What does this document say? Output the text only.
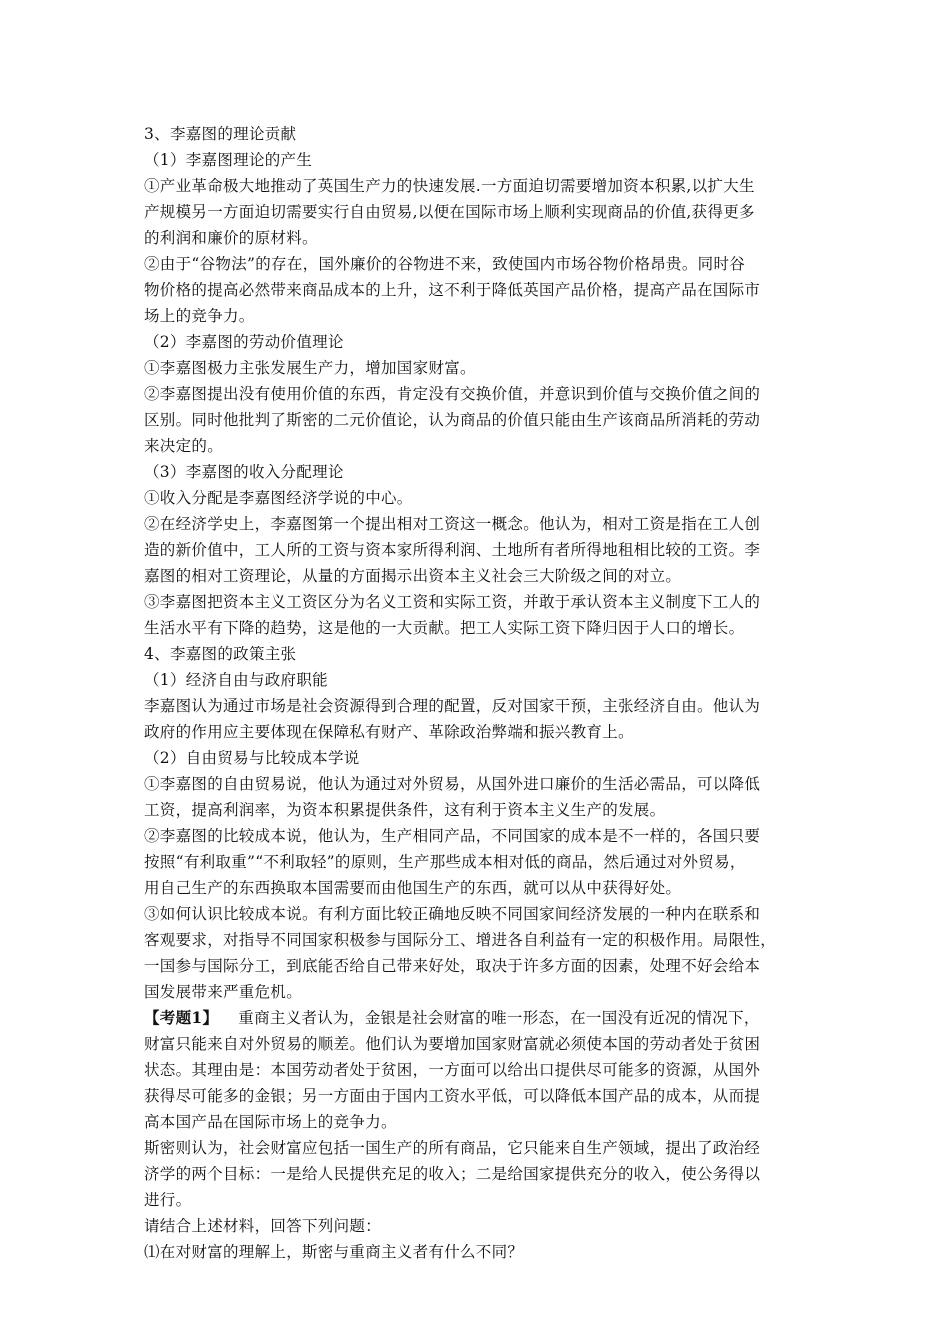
3、李嘉图的理论贡献
（1）李嘉图理论的产生
①产业革命极大地推动了英国生产力的快速发展.一方面迫切需要增加资本积累,以扩大生
产规模另一方面迫切需要实行自由贸易,以便在国际市场上顺利实现商品的价值,获得更多
的利润和廉价的原材料。
②由于“谷物法”的存在，国外廉价的谷物进不来，致使国内市场谷物价格昂贵。同时谷
物价格的提高必然带来商品成本的上升，这不利于降低英国产品价格，提高产品在国际市
场上的竞争力。
（2）李嘉图的劳动价值理论
①李嘉图极力主张发展生产力，增加国家财富。
②李嘉图提出没有使用价值的东西，肯定没有交换价值，并意识到价值与交换价值之间的
区别。同时他批判了斯密的二元价值论，认为商品的价值只能由生产该商品所消耗的劳动
来决定的。
（3）李嘉图的收入分配理论
①收入分配是李嘉图经济学说的中心。
②在经济学史上，李嘉图第一个提出相对工资这一概念。他认为，相对工资是指在工人创
造的新价值中，工人所的工资与资本家所得利润、土地所有者所得地租相比较的工资。李
嘉图的相对工资理论，从量的方面揭示出资本主义社会三大阶级之间的对立。
③李嘉图把资本主义工资区分为名义工资和实际工资，并敢于承认资本主义制度下工人的
生活水平有下降的趋势，这是他的一大贡献。把工人实际工资下降归因于人口的增长。
4、李嘉图的政策主张
（1）经济自由与政府职能
李嘉图认为通过市场是社会资源得到合理的配置，反对国家干预，主张经济自由。他认为
政府的作用应主要体现在保障私有财产、革除政治弊端和振兴教育上。
（2）自由贸易与比较成本学说
①李嘉图的自由贸易说，他认为通过对外贸易，从国外进口廉价的生活必需品，可以降低
工资，提高利润率，为资本积累提供条件，这有利于资本主义生产的发展。
②李嘉图的比较成本说，他认为，生产相同产品，不同国家的成本是不一样的，各国只要
按照“有利取重”“不利取轻”的原则，生产那些成本相对低的商品，然后通过对外贸易，
用自己生产的东西换取本国需要而由他国生产的东西，就可以从中获得好处。
③如何认识比较成本说。有利方面比较正确地反映不同国家间经济发展的一种内在联系和
客观要求，对指导不同国家积极参与国际分工、增进各自利益有一定的积极作用。局限性，
一国参与国际分工，到底能否给自己带来好处，取决于许多方面的因素，处理不好会给本
国发展带来严重危机。
【考题1】 重商主义者认为，金银是社会财富的唯一形态，在一国没有近况的情况下，
财富只能来自对外贸易的顺差。他们认为要增加国家财富就必须使本国的劳动者处于贫困
状态。其理由是：本国劳动者处于贫困，一方面可以给出口提供尽可能多的资源，从国外
获得尽可能多的金银；另一方面由于国内工资水平低，可以降低本国产品的成本，从而提
高本国产品在国际市场上的竞争力。
斯密则认为，社会财富应包括一国生产的所有商品，它只能来自生产领域，提出了政治经
济学的两个目标：一是给人民提供充足的收入；二是给国家提供充分的收入，使公务得以
进行。
请结合上述材料，回答下列问题：
⑴在对财富的理解上，斯密与重商主义者有什么不同？
